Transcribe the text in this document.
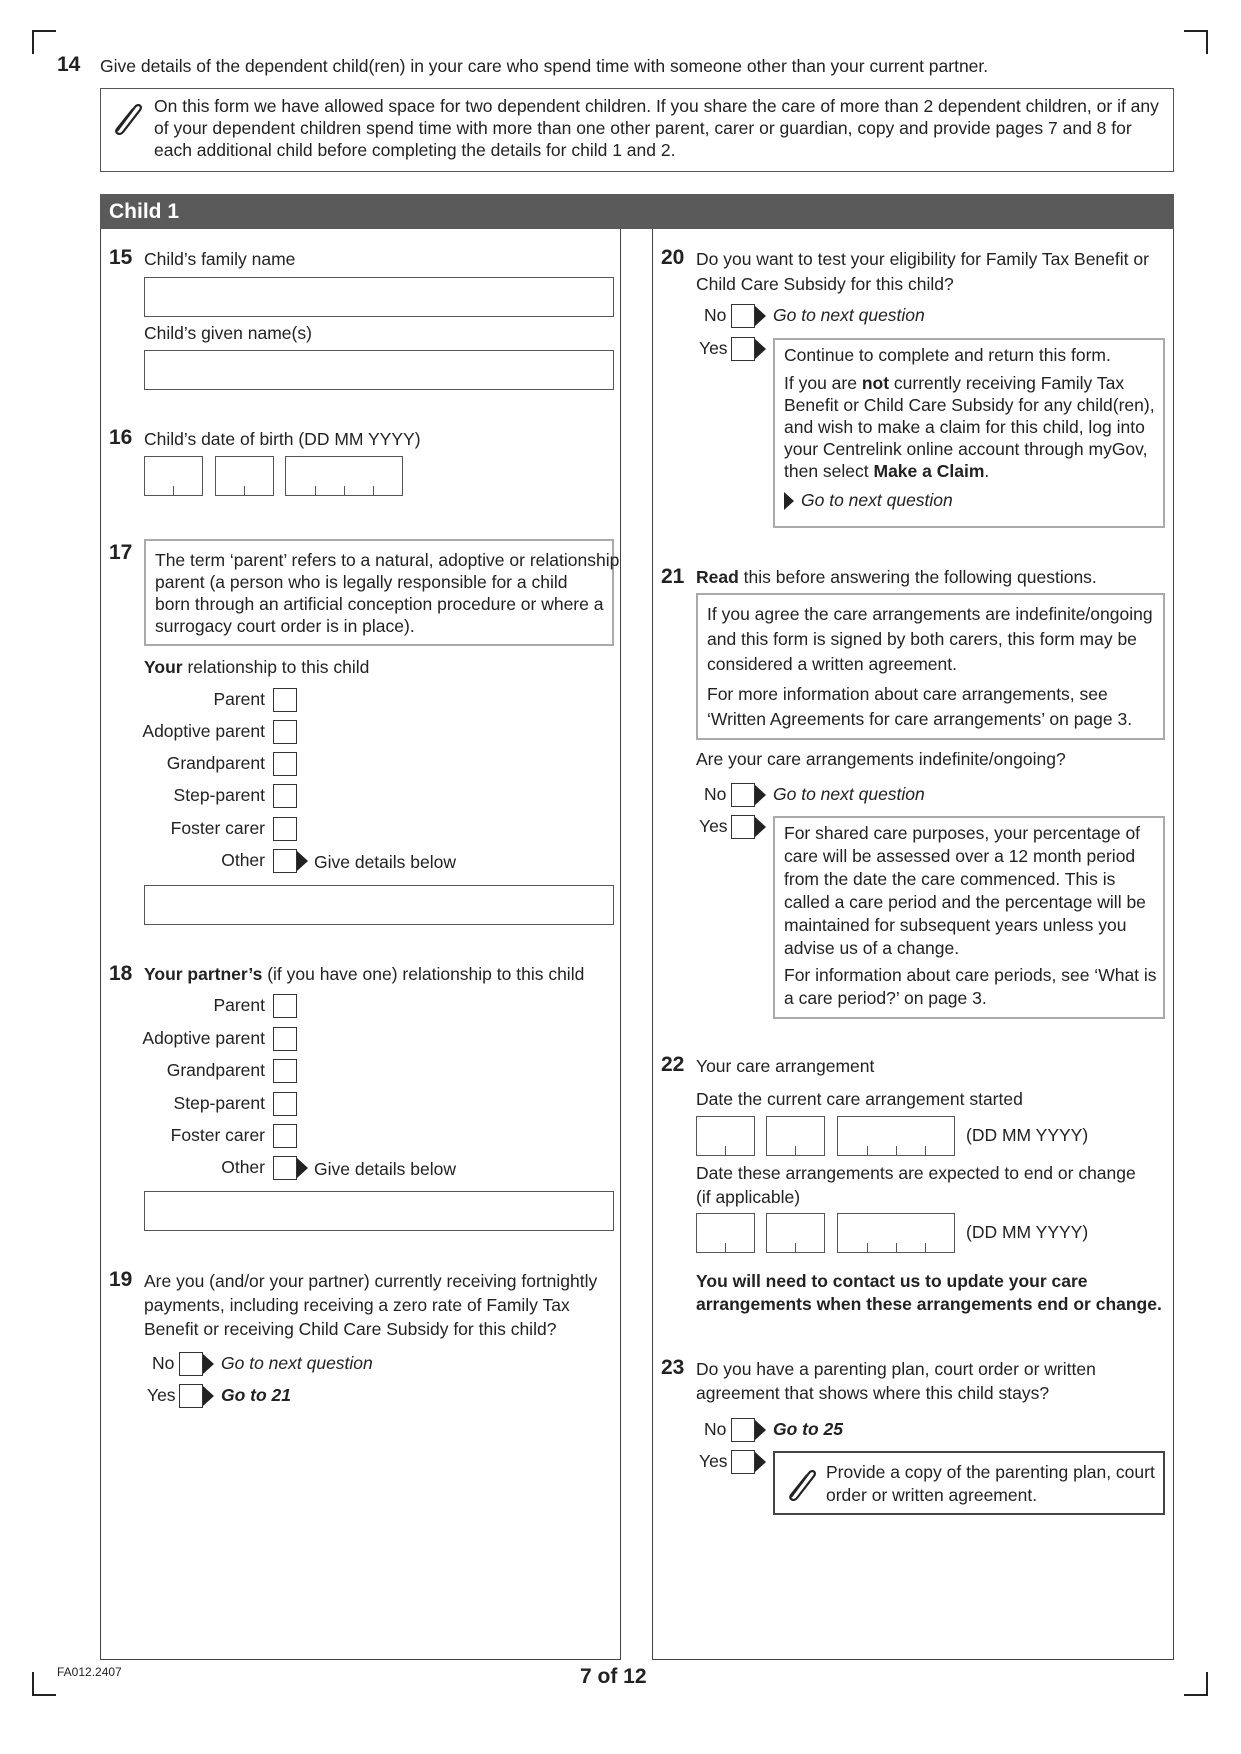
14 Give details of the dependent child(ren) in your care who spend time with someone other than your current partner.
On this form we have allowed space for two dependent children. If you share the care of more than 2 dependent children, or if any
of your dependent children spend time with more than one other parent, carer or guardian, copy and provide pages 7 and 8 for
each additional child before completing the details for child 1 and 2.
Child 1
15 Child’s family name
Child’s given name(s)
16 Child’s date of birth (DD MM YYYY)
17 The term ‘parent’ refers to a natural, adoptive or relationship
parent (a person who is legally responsible for a child
born through an artificial conception procedure or where a
surrogacy court order is in place).
Your relationship to this child
Parent
Adoptive parent
Grandparent
Step-parent
Foster carer
Other	Give details below
18 Your partner’s (if you have one) relationship to this child
Parent
Adoptive parent
Grandparent
Step-parent
Foster carer
Other	Give details below
19 Are you (and/or your partner) currently receiving fortnightly
payments, including receiving a zero rate of Family Tax
Benefit or receiving Child Care Subsidy for this child?
No	Go to next question
Yes	Go to 21
20 Do you want to test your eligibility for Family Tax Benefit or
Child Care Subsidy for this child?
No	Go to next question
Yes	Continue to complete and return this form.
If you are not currently receiving Family Tax
Benefit or Child Care Subsidy for any child(ren),
and wish to make a claim for this child, log into
your Centrelink online account through myGov,
then select Make a Claim.
Go to next question
21 Read this before answering the following questions.
If you agree the care arrangements are indefinite/ongoing
and this form is signed by both carers, this form may be
considered a written agreement.
For more information about care arrangements, see
‘Written Agreements for care arrangements’ on page 3.
Are your care arrangements indefinite/ongoing?
No	Go to next question
Yes	For shared care purposes, your percentage of
care will be assessed over a 12 month period
from the date the care commenced. This is
called a care period and the percentage will be
maintained for subsequent years unless you
advise us of a change.
For information about care periods, see ‘What is
a care period?’ on page 3.
22 Your care arrangement
Date the current care arrangement started
(DD MM YYYY)
Date these arrangements are expected to end or change
(if applicable)
(DD MM YYYY)
You will need to contact us to update your care
arrangements when these arrangements end or change.
23 Do you have a parenting plan, court order or written
agreement that shows where this child stays?
No	Go to 25
Yes
Provide a copy of the parenting plan, court
order or written agreement.
FA012.2407	7 of 12
